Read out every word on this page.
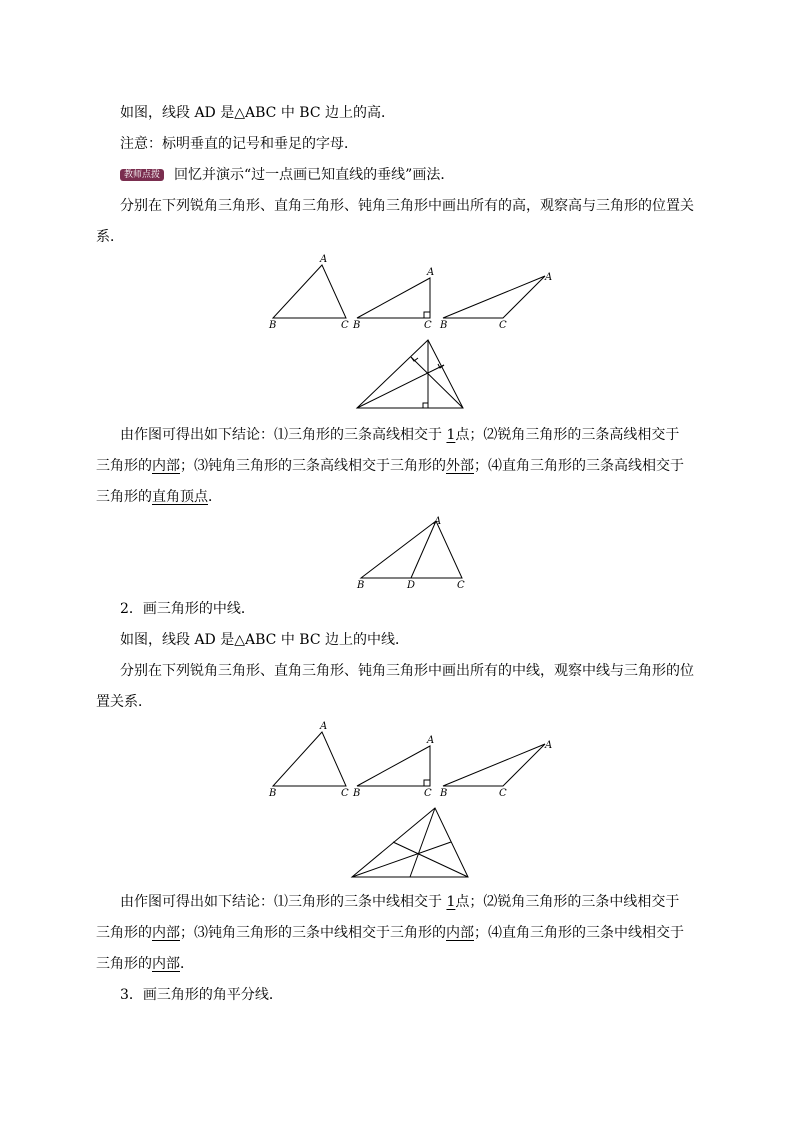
如图，线段 AD 是△ABC 中 BC 边上的高．
注意：标明垂直的记号和垂足的字母．
教师点拨 回忆并演示“过一点画已知直线的垂线”画法．
分别在下列锐角三角形、直角三角形、钝角三角形中画出所有的高，观察高与三角形的位置关
系．
由作图可得出如下结论：⑴三角形的三条高线相交于 1点；⑵锐角三角形的三条高线相交于
三角形的内部；⑶钝角三角形的三条高线相交于三角形的外部；⑷直角三角形的三条高线相交于
三角形的直角顶点．
2．画三角形的中线．
如图，线段 AD 是△ABC 中 BC 边上的中线．
分别在下列锐角三角形、直角三角形、钝角三角形中画出所有的中线，观察中线与三角形的位
置关系．
由作图可得出如下结论：⑴三角形的三条中线相交于 1点；⑵锐角三角形的三条中线相交于
三角形的内部；⑶钝角三角形的三条中线相交于三角形的内部；⑷直角三角形的三条中线相交于
三角形的内部．
3．画三角形的角平分线．
A
B	C
A
B	C
A
B	C
A
B	D	C
A
B	C
A
B	C
A
B	C
